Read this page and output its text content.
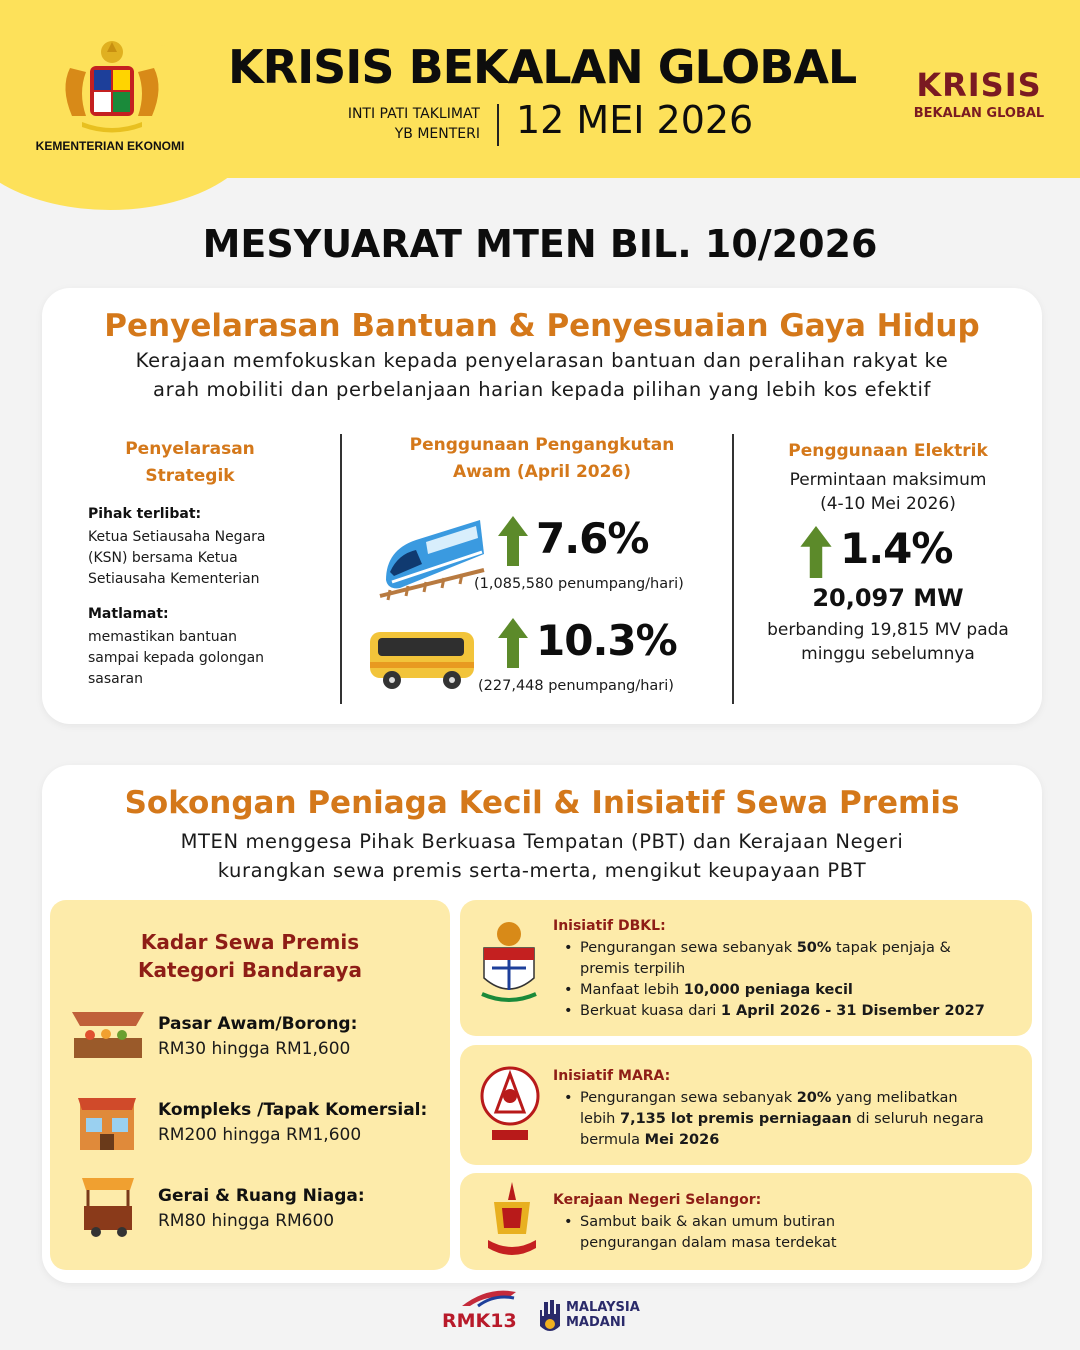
KEMENTERIAN EKONOMI
KRISIS BEKALAN GLOBAL
INTI PATI TAKLIMAT
YB MENTERI 12 MEI 2026
KRISIS
BEKALAN GLOBAL
MESYUARAT MTEN BIL. 10/2026
Penyelarasan Bantuan & Penyesuaian Gaya Hidup
Kerajaan memfokuskan kepada penyelarasan bantuan dan peralihan rakyat ke
arah mobiliti dan perbelanjaan harian kepada pilihan yang lebih kos efektif
Penyelarasan
Strategik
Pihak terlibat:
Ketua Setiausaha Negara
(KSN) bersama Ketua
Setiausaha Kementerian
Matlamat:
memastikan bantuan
sampai kepada golongan
sasaran
Penggunaan Pengangkutan
Awam (April 2026)
7.6%
(1,085,580 penumpang/hari)
10.3%
(227,448 penumpang/hari)
Penggunaan Elektrik
Permintaan maksimum
(4-10 Mei 2026)
1.4%
20,097 MW
berbanding 19,815 MV pada
minggu sebelumnya
Sokongan Peniaga Kecil & Inisiatif Sewa Premis
MTEN menggesa Pihak Berkuasa Tempatan (PBT) dan Kerajaan Negeri
kurangkan sewa premis serta-merta, mengikut keupayaan PBT
Kadar Sewa Premis
Kategori Bandaraya
Pasar Awam/Borong:
RM30 hingga RM1,600
Kompleks /Tapak Komersial:
RM200 hingga RM1,600
Gerai & Ruang Niaga:
RM80 hingga RM600
Inisiatif DBKL:
• Pengurangan sewa sebanyak 50% tapak penjaja &
premis terpilih
• Manfaat lebih 10,000 peniaga kecil
• Berkuat kuasa dari 1 April 2026 - 31 Disember 2027
Inisiatif MARA:
• Pengurangan sewa sebanyak 20% yang melibatkan
lebih 7,135 lot premis perniagaan di seluruh negara
bermula Mei 2026
Kerajaan Negeri Selangor:
• Sambut baik & akan umum butiran
pengurangan dalam masa terdekat
RMK13
MALAYSIA
MADANI
